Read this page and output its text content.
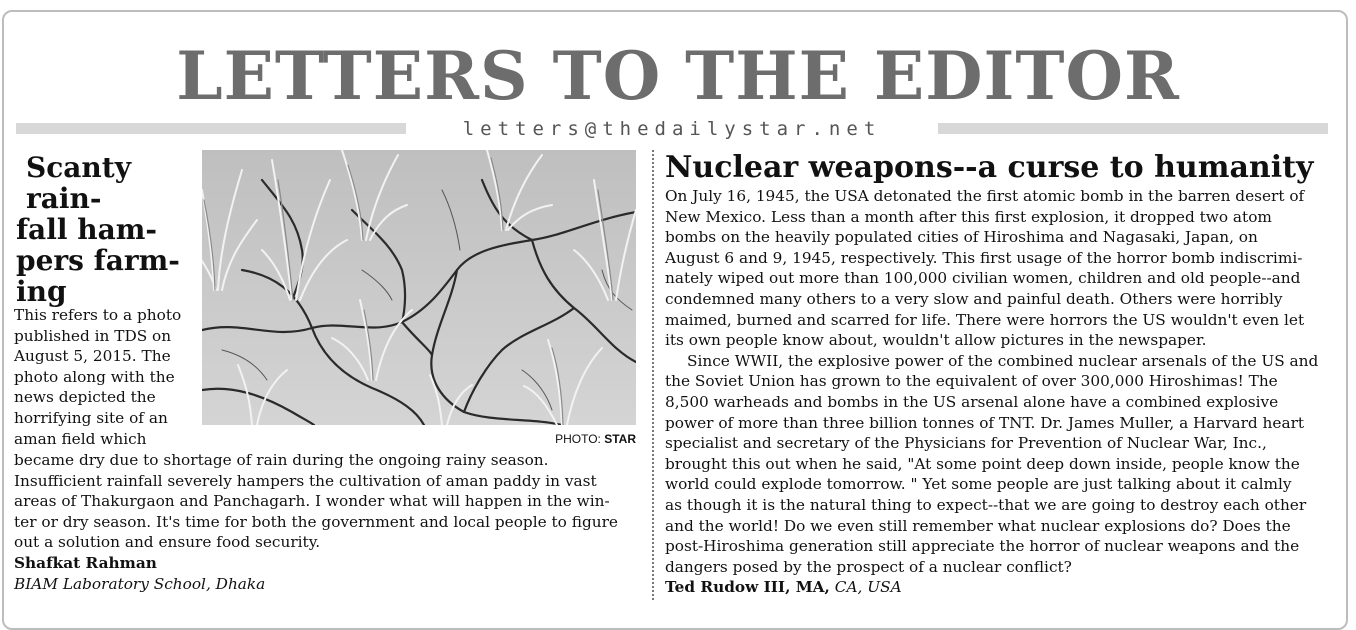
LETTERS TO THE EDITOR
letters@thedailystar.net
Scanty rain-
fall ham-
pers farm-
ing
PHOTO: STAR
This refers to a photo
published in TDS on
August 5, 2015. The
photo along with the
news depicted the
horrifying site of an
aman field which
became dry due to shortage of rain during the ongoing rainy season.
Insufficient rainfall severely hampers the cultivation of aman paddy in vast
areas of Thakurgaon and Panchagarh. I wonder what will happen in the win-
ter or dry season. It's time for both the government and local people to figure
out a solution and ensure food security.
Shafkat Rahman
BIAM Laboratory School, Dhaka
Nuclear weapons--a curse to humanity
On July 16, 1945, the USA detonated the first atomic bomb in the barren desert of
New Mexico. Less than a month after this first explosion, it dropped two atom
bombs on the heavily populated cities of Hiroshima and Nagasaki, Japan, on
August 6 and 9, 1945, respectively. This first usage of the horror bomb indiscrimi-
nately wiped out more than 100,000 civilian women, children and old people--and
condemned many others to a very slow and painful death. Others were horribly
maimed, burned and scarred for life. There were horrors the US wouldn't even let
its own people know about, wouldn't allow pictures in the newspaper.
Since WWII, the explosive power of the combined nuclear arsenals of the US and
the Soviet Union has grown to the equivalent of over 300,000 Hiroshimas! The
8,500 warheads and bombs in the US arsenal alone have a combined explosive
power of more than three billion tonnes of TNT. Dr. James Muller, a Harvard heart
specialist and secretary of the Physicians for Prevention of Nuclear War, Inc.,
brought this out when he said, "At some point deep down inside, people know the
world could explode tomorrow. " Yet some people are just talking about it calmly
as though it is the natural thing to expect--that we are going to destroy each other
and the world! Do we even still remember what nuclear explosions do? Does the
post-Hiroshima generation still appreciate the horror of nuclear weapons and the
dangers posed by the prospect of a nuclear conflict?
Ted Rudow III, MA, CA, USA
